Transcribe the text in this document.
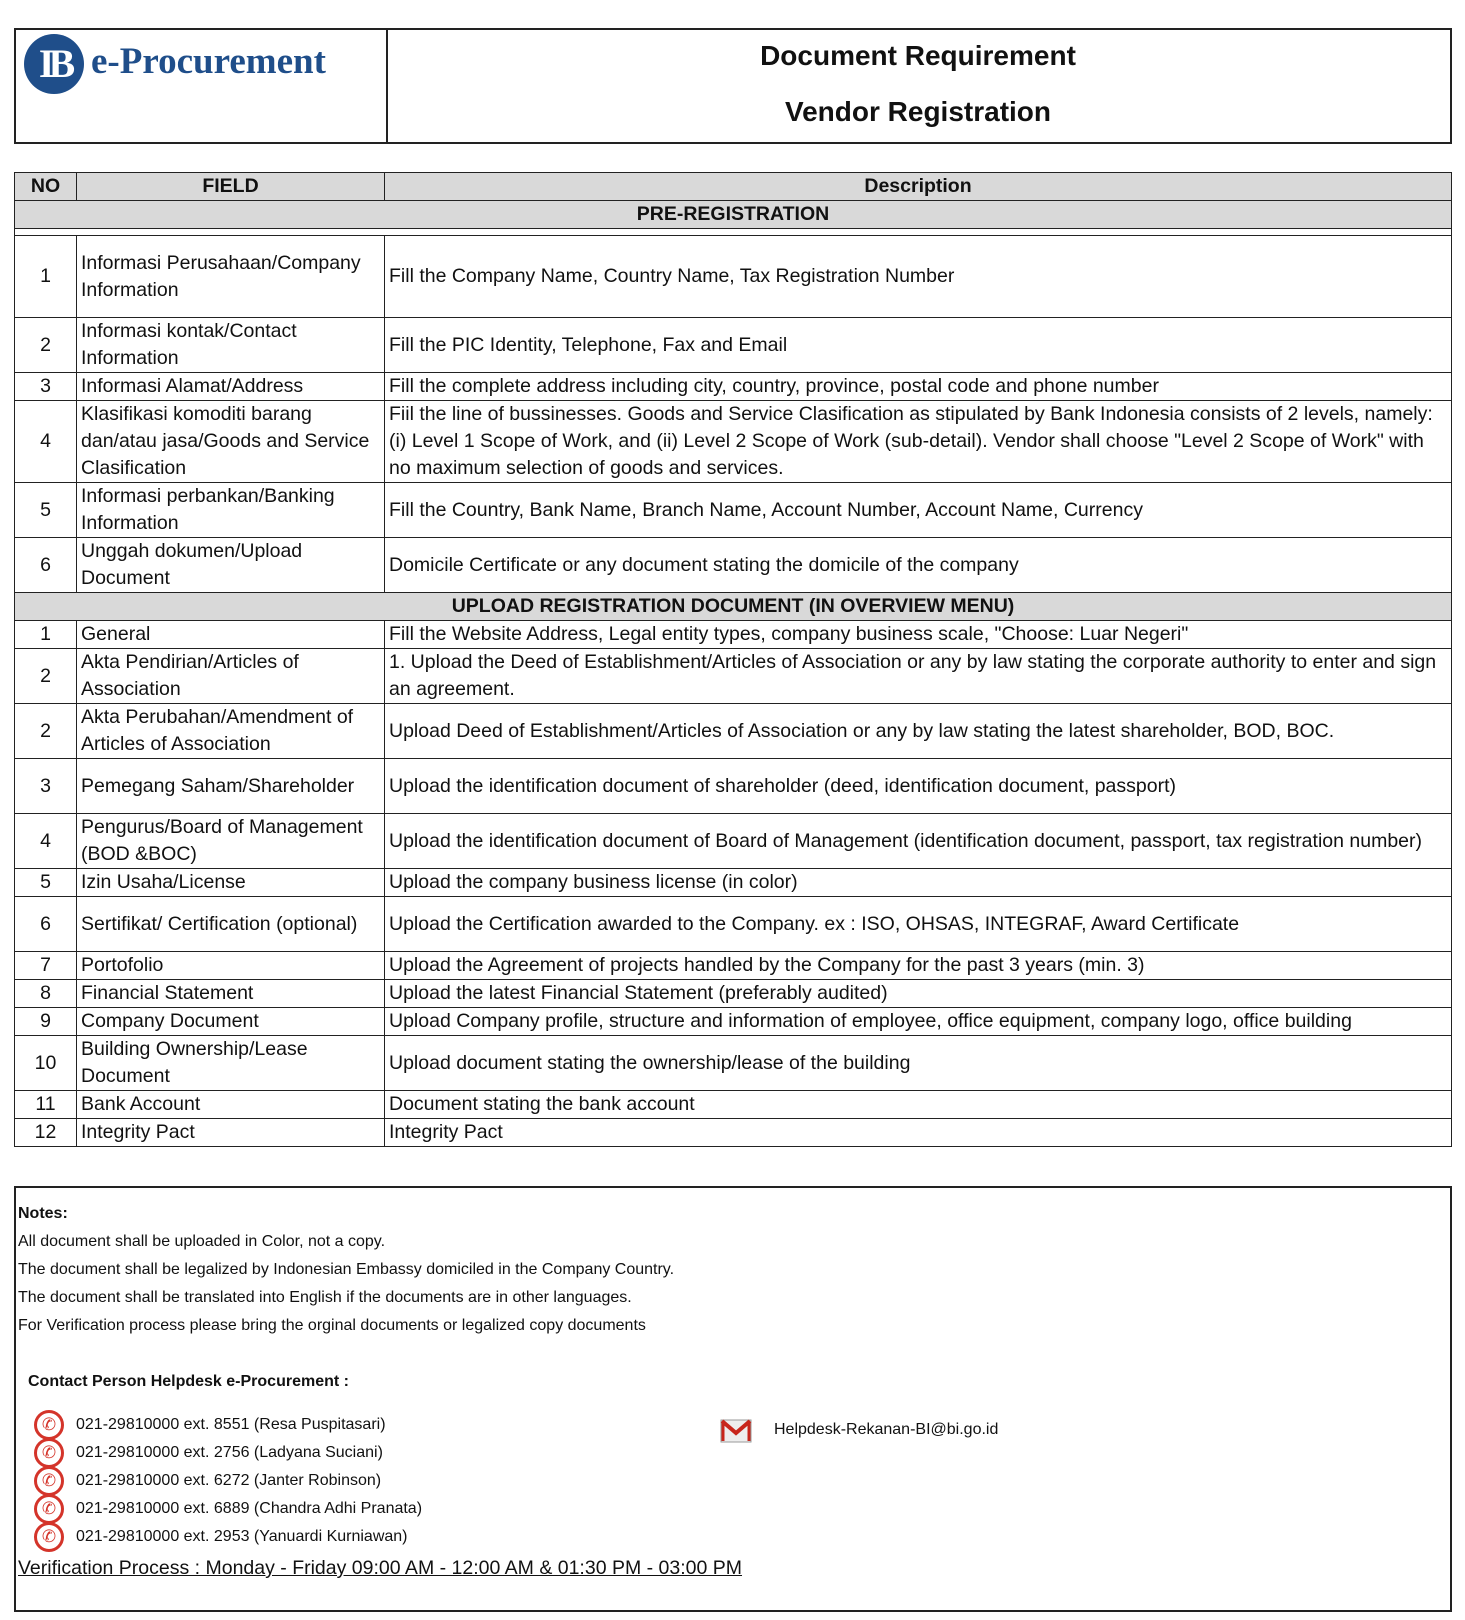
IB e-Procurement	Document Requirement
Vendor Registration
NO	FIELD	Description
PRE-REGISTRATION		

1	Informasi Perusahaan/Company Information	Fill the Company Name, Country Name, Tax Registration Number
2	Informasi kontak/Contact Information	Fill the PIC Identity, Telephone, Fax and Email
3	Informasi Alamat/Address	Fill the complete address including city, country, province, postal code and phone number
4	Klasifikasi komoditi barang dan/atau jasa/Goods and Service Clasification	Fiil the line of bussinesses. Goods and Service Clasification as stipulated by Bank Indonesia consists of 2 levels, namely: (i) Level 1 Scope of Work, and (ii) Level 2 Scope of Work (sub-detail). Vendor shall choose "Level 2 Scope of Work" with no maximum selection of goods and services.
5	Informasi perbankan/Banking Information	Fill the Country, Bank Name, Branch Name, Account Number, Account Name, Currency
6	Unggah dokumen/Upload Document	Domicile Certificate or any document stating the domicile of the company
UPLOAD REGISTRATION DOCUMENT (IN OVERVIEW MENU)		
1	General	Fill the Website Address, Legal entity types, company business scale, "Choose: Luar Negeri"
2	Akta Pendirian/Articles of Association	1. Upload the Deed of Establishment/Articles of Association or any by law stating the corporate authority to enter and sign an agreement.
2	Akta Perubahan/Amendment of Articles of Association	Upload Deed of Establishment/Articles of Association or any by law stating the latest shareholder, BOD, BOC.
3	Pemegang Saham/Shareholder	Upload the identification document of shareholder (deed, identification document, passport)
4	Pengurus/Board of Management (BOD &BOC)	Upload the identification document of Board of Management (identification document, passport, tax registration number)
5	Izin Usaha/License	Upload the company business license (in color)
6	Sertifikat/ Certification (optional)	Upload the Certification awarded to the Company. ex : ISO, OHSAS, INTEGRAF, Award Certificate
7	Portofolio	Upload the Agreement of projects handled by the Company for the past 3 years (min. 3)
8	Financial Statement	Upload the latest Financial Statement (preferably audited)
9	Company Document	Upload Company profile, structure and information of employee, office equipment, company logo, office building
10	Building Ownership/Lease Document	Upload document stating the ownership/lease of the building
11	Bank Account	Document stating the bank account
12	Integrity Pact	Integrity Pact
Notes:
All document shall be uploaded in Color, not a copy.
The document shall be legalized by Indonesian Embassy domiciled in the Company Country.
The document shall be translated into English if the documents are in other languages.
For Verification process please bring the orginal documents or legalized copy documents
Contact Person Helpdesk e-Procurement :
✆	021-29810000 ext. 8551 (Resa Puspitasari)
✆	021-29810000 ext. 2756 (Ladyana Suciani)
✆	021-29810000 ext. 6272 (Janter Robinson)
✆	021-29810000 ext. 6889 (Chandra Adhi Pranata)
✆	021-29810000 ext. 2953 (Yanuardi Kurniawan)
Helpdesk-Rekanan-BI@bi.go.id
Verification Process : Monday - Friday 09:00 AM - 12:00 AM & 01:30 PM - 03:00 PM
